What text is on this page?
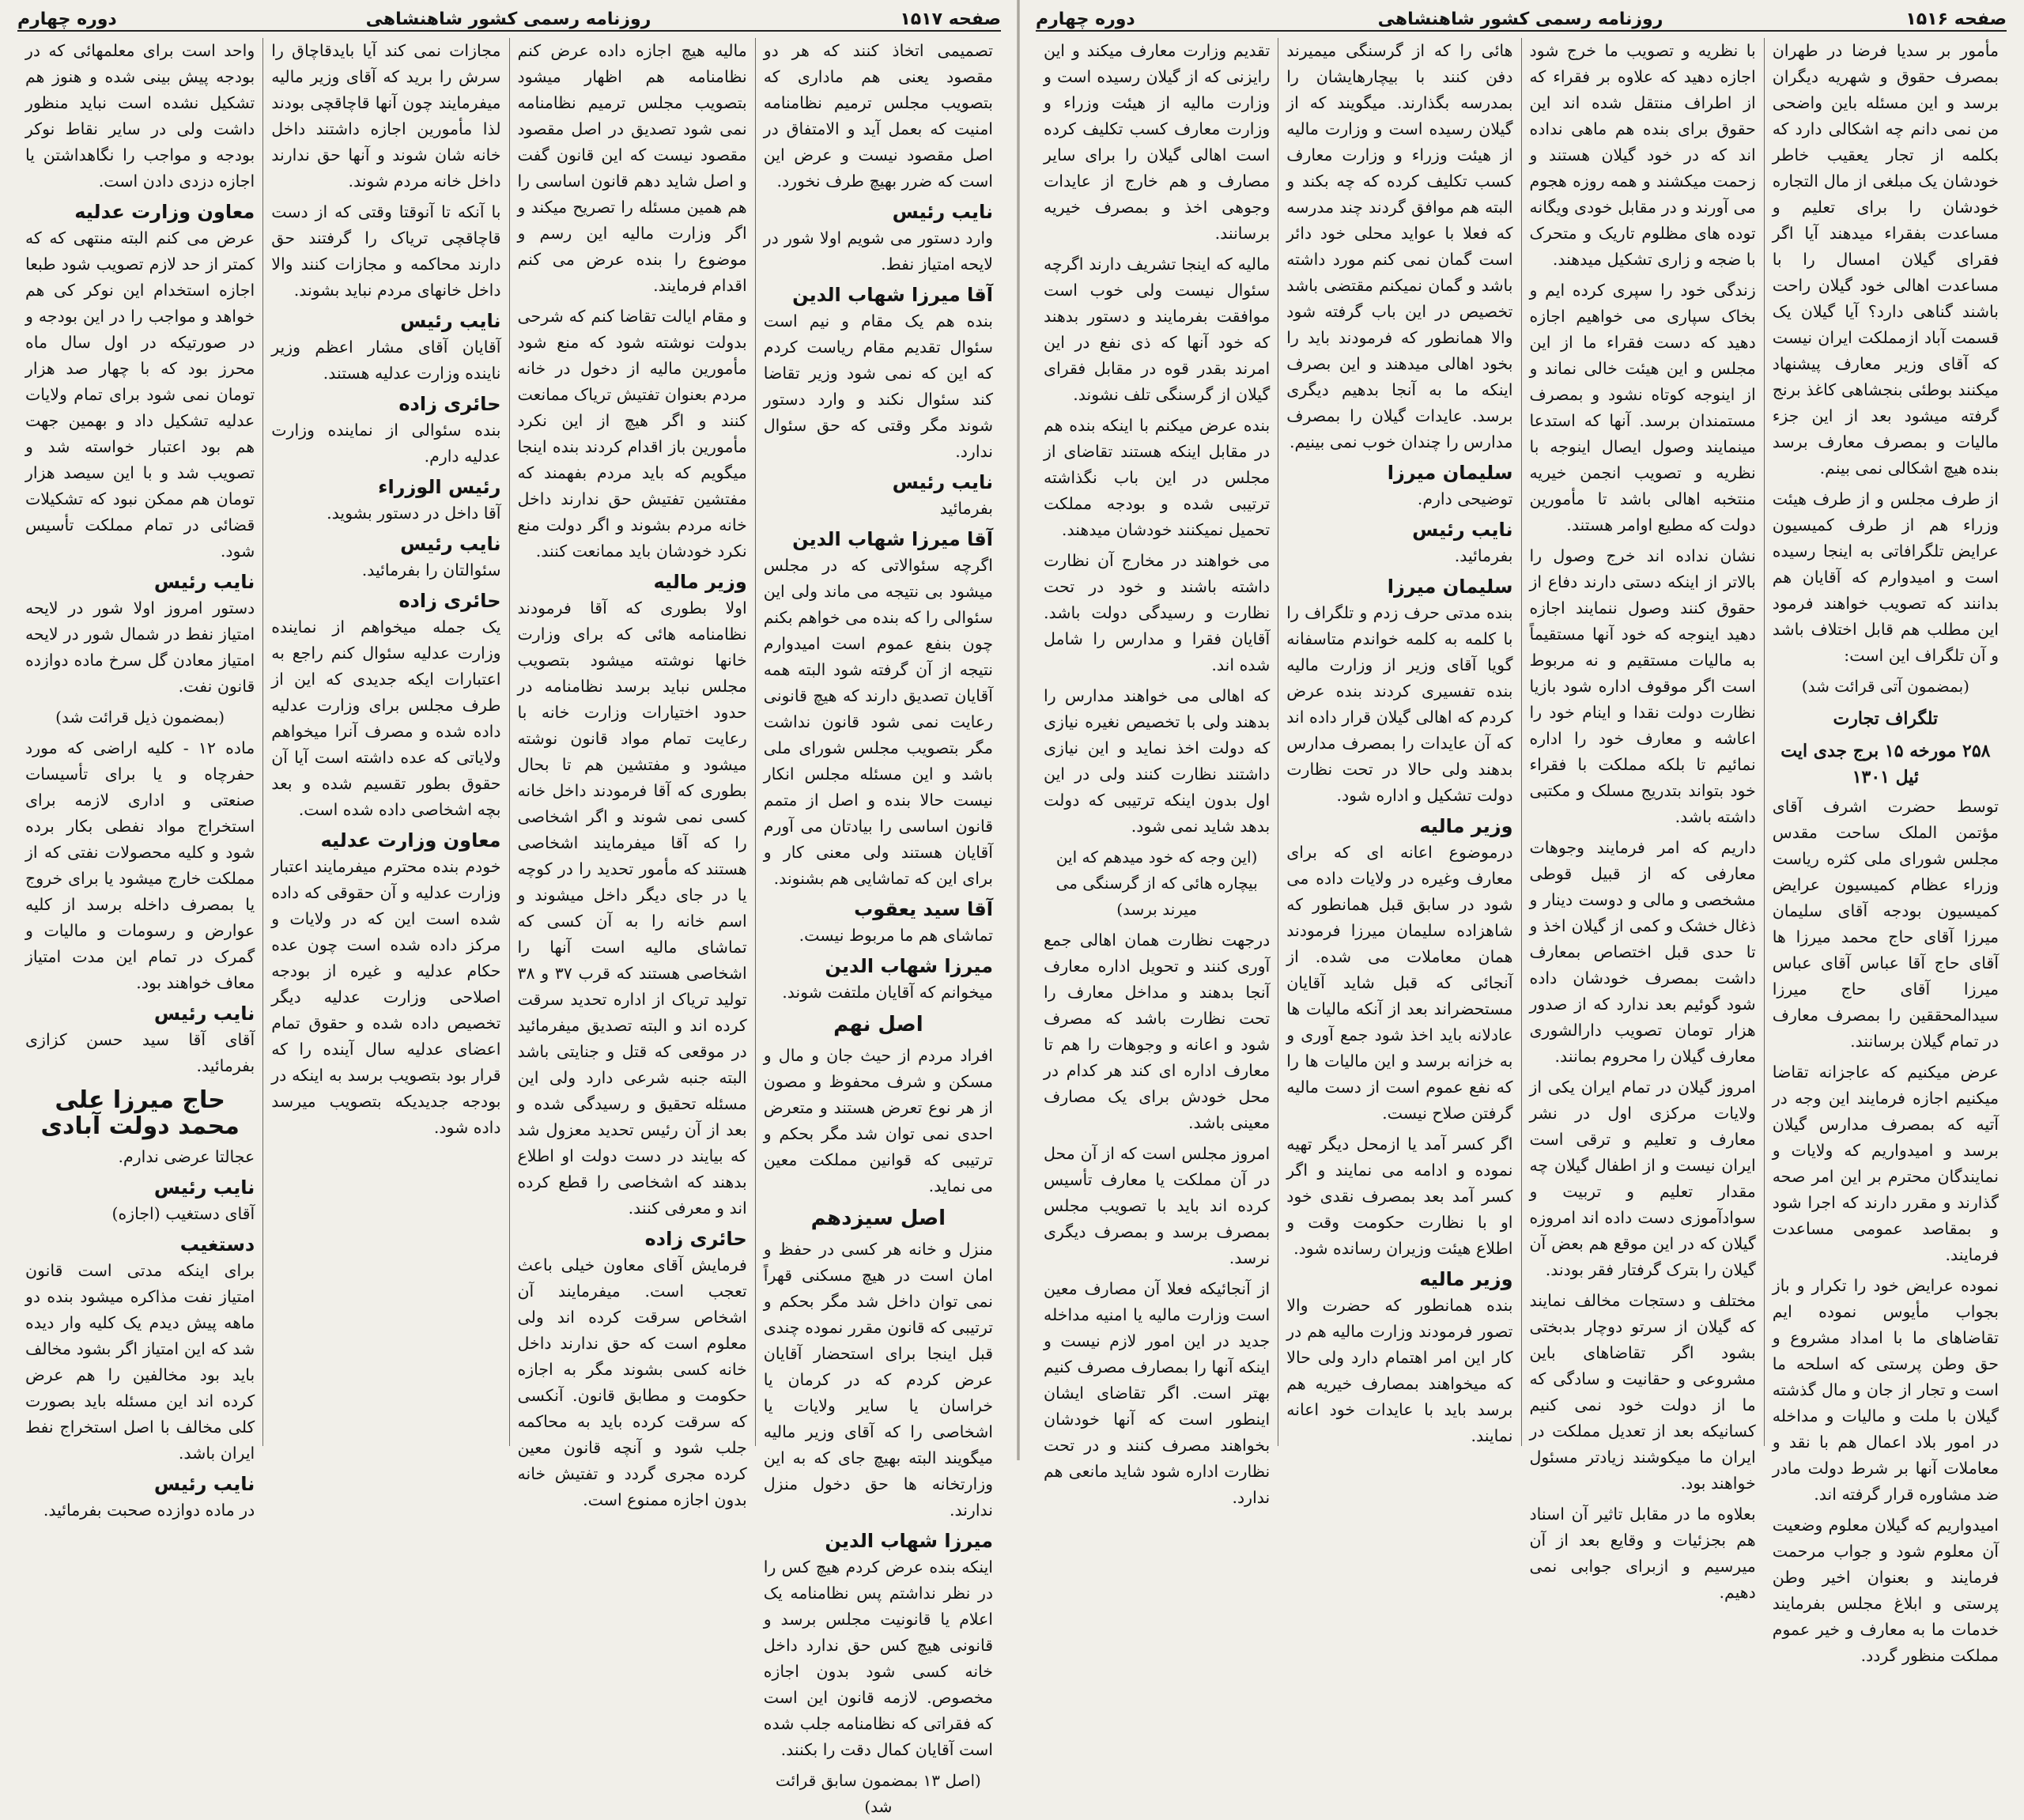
صفحه ۱۵۱۷
روزنامه رسمی کشور شاهنشاهی
دوره چهارم

تصمیمی اتخاذ کنند که هر دو مقصود یعنی هم ماداری که بتصویب مجلس ترمیم نظامنامه امنیت که بعمل آید و الامتفاق در اصل مقصود نیست و عرض این است که ضرر بهیچ طرف نخورد.

نایب رئیس

وارد دستور می شویم اولا شور در لایحه امتیاز نفط.

آقا میرزا شهاب الدین

بنده هم یک مقام و نیم است سئوال تقدیم مقام ریاست کردم که این که نمی شود وزیر تقاضا کند سئوال نکند و وارد دستور شوند مگر وقتی که حق سئوال ندارد.

نایب رئیس

بفرمائید

آقا میرزا شهاب الدین

اگرچه سئوالاتی که در مجلس میشود بی نتیجه می ماند ولی این سئوالی را که بنده می خواهم بکنم چون بنفع عموم است امیدوارم نتیجه از آن گرفته شود البته همه آقایان تصدیق دارند که هیچ قانونی رعایت نمی شود قانون نداشت مگر بتصویب مجلس شورای ملی باشد و این مسئله مجلس انکار نیست حالا بنده و اصل از متمم قانون اساسی را بیادتان می آورم آقایان هستند ولی معنی کار و برای این که تماشایی هم بشنوند.

آقا سید یعقوب

تماشای هم ما مربوط نیست.

میرزا شهاب الدین

میخوانم که آقایان ملتفت شوند.

اصل نهم

افراد مردم از حیث جان و مال و مسکن و شرف محفوظ و مصون از هر نوع تعرض هستند و متعرض احدی نمی توان شد مگر بحکم و ترتیبی که قوانین مملکت معین می نماید.

اصل سیزدهم

منزل و خانه هر کسی در حفظ و امان است در هیچ مسکنی قهراً نمی توان داخل شد مگر بحکم و ترتیبی که قانون مقرر نموده چندی قبل اینجا برای استحضار آقایان عرض کردم که در کرمان یا خراسان یا سایر ولایات یا اشخاصی را که آقای وزیر مالیه میگویند البته بهیچ جای که به این وزارتخانه ها حق دخول منزل ندارند.

میرزا شهاب الدین

اینکه بنده عرض کردم هیچ کس را در نظر نداشتم پس نظامنامه یک اعلام یا قانونیت مجلس برسد و قانونی هیچ کس حق ندارد داخل خانه کسی شود بدون اجازه مخصوص. لازمه قانون این است که فقراتی که نظامنامه جلب شده است آقایان کمال دقت را بکنند.

(اصل ۱۳ بمضمون سابق قرائت شد)

مالیه هیچ اجازه داده عرض کنم نظامنامه هم اظهار میشود بتصویب مجلس ترمیم نظامنامه نمی شود تصدیق در اصل مقصود مقصود نیست که این قانون گفت و اصل شاید دهم قانون اساسی را هم همین مسئله را تصریح میکند و اگر وزارت مالیه این رسم و موضوع را بنده عرض می کنم اقدام فرمایند.

و مقام ایالت تقاضا کنم که شرحی بدولت نوشته شود که منع شود مأمورین مالیه از دخول در خانه مردم بعنوان تفتیش تریاک ممانعت کنند و اگر هیچ از این نکرد مأمورین باز اقدام کردند بنده اینجا میگویم که باید مردم بفهمند که مفتشین تفتیش حق ندارند داخل خانه مردم بشوند و اگر دولت منع نکرد خودشان باید ممانعت کنند.

وزیر مالیه

اولا بطوری که آقا فرمودند نظامنامه هائی که برای وزارت خانها نوشته میشود بتصویب مجلس نباید برسد نظامنامه در حدود اختیارات وزارت خانه با رعایت تمام مواد قانون نوشته میشود و مفتشین هم تا بحال بطوری که آقا فرمودند داخل خانه کسی نمی شوند و اگر اشخاصی را که آقا میفرمایند اشخاصی هستند که مأمور تحدید را در کوچه یا در جای دیگر داخل میشوند و اسم خانه را به آن کسی که تماشای مالیه است آنها را اشخاصی هستند که قرب ۳۷ و ۳۸ تولید تریاک از اداره تحدید سرقت کرده اند و البته تصدیق میفرمائید در موقعی که قتل و جنایتی باشد البته جنبه شرعی دارد ولی این مسئله تحقیق و رسیدگی شده و بعد از آن رئیس تحدید معزول شد که بیایند در دست دولت او اطلاع بدهند که اشخاصی را قطع کرده اند و معرفی کنند.

حائری زاده

فرمایش آقای معاون خیلی باعث تعجب است. میفرمایند آن اشخاص سرقت کرده اند ولی معلوم است که حق ندارند داخل خانه کسی بشوند مگر به اجازه حکومت و مطابق قانون. آنکسی که سرقت کرده باید به محاکمه جلب شود و آنچه قانون معین کرده مجری گردد و تفتیش خانه بدون اجازه ممنوع است.

مجازات نمی کند آیا بایدقاچاق را سرش را برید که آقای وزیر مالیه میفرمایند چون آنها قاچاقچی بودند لذا مأمورین اجازه داشتند داخل خانه شان شوند و آنها حق ندارند داخل خانه مردم شوند.

با آنکه تا آنوقتا وقتی که از دست قاچاقچی تریاک را گرفتند حق دارند محاکمه و مجازات کنند والا داخل خانهای مردم نباید بشوند.

نایب رئیس

آقایان آقای مشار اعظم وزیر ناینده وزارت عدلیه هستند.

حائری زاده

بنده سئوالی از نماینده وزارت عدلیه دارم.

رئیس الوزراء

آقا داخل در دستور بشوید.

نایب رئیس

سئوالتان را بفرمائید.

حائری زاده

یک جمله میخواهم از نماینده وزارت عدلیه سئوال کنم راجع به اعتبارات ایکه جدیدی که این از طرف مجلس برای وزارت عدلیه داده شده و مصرف آنرا میخواهم ولایاتی که عده داشته است آیا آن حقوق بطور تقسیم شده و بعد بچه اشخاصی داده شده است.

معاون وزارت عدلیه

خودم بنده محترم میفرمایند اعتبار وزارت عدلیه و آن حقوقی که داده شده است این که در ولایات و مرکز داده شده است چون عده حکام عدلیه و غیره از بودجه اصلاحی وزارت عدلیه دیگر تخصیص داده شده و حقوق تمام اعضای عدلیه سال آینده را که قرار بود بتصویب برسد به اینکه در بودجه جدیدیکه بتصویب میرسد داده شود.

واحد است برای معلمهائی که در بودجه پیش بینی شده و هنوز هم تشکیل نشده است نباید منظور داشت ولی در سایر نقاط نوکر بودجه و مواجب را نگاهداشتن یا اجازه دزدی دادن است.

معاون وزارت عدلیه

عرض می کنم البته منتهی که که کمتر از حد لازم تصویب شود طبعا اجازه استخدام این نوکر کی هم خواهد و مواجب را در این بودجه و در صورتیکه در اول سال ماه محرز بود که با چهار صد هزار تومان نمی شود برای تمام ولایات عدلیه تشکیل داد و بهمین جهت هم بود اعتبار خواسته شد و تصویب شد و با این سیصد هزار تومان هم ممکن نبود که تشکیلات قضائی در تمام مملکت تأسیس شود.

نایب رئیس

دستور امروز اولا شور در لایحه امتیاز نفط در شمال شور در لایحه امتیاز معادن گل سرخ ماده دوازده قانون نفت.

(بمضمون ذیل قرائت شد)

ماده ۱۲ - کلیه اراضی که مورد حفرچاه و یا برای تأسیسات صنعتی و اداری لازمه برای استخراج مواد نفطی بکار برده شود و کلیه محصولات نفتی که از مملکت خارج میشود یا برای خروج یا بمصرف داخله برسد از کلیه عوارض و رسومات و مالیات و گمرک در تمام این مدت امتیاز معاف خواهند بود.

نایب رئیس

آقای آقا سید حسن کزازی بفرمائید.

حاج میرزا علی محمد دولت آبادی

عجالتا عرضی ندارم.

نایب رئیس

آقای دستغیب (اجازه)

دستغیب

برای اینکه مدتی است قانون امتیاز نفت مذاکره میشود بنده دو ماهه پیش دیدم یک کلیه وار دیده شد که این امتیاز اگر بشود مخالف باید بود مخالفین را هم عرض کرده اند این مسئله باید بصورت کلی مخالف با اصل استخراج نفط ایران باشد.

نایب رئیس

در ماده دوازده صحبت بفرمائید.

صفحه ۱۵۱۶
روزنامه رسمی کشور شاهنشاهی
دوره چهارم

مأمور بر سدیا فرضا در طهران بمصرف حقوق و شهریه دیگران برسد و این مسئله باین واضحی من نمی دانم چه اشکالی دارد که بکلمه از تجار یعقیب خاطر خودشان یک مبلغی از مال التجاره خودشان را برای تعلیم و مساعدت بفقراء میدهند آیا اگر فقرای گیلان امسال را با مساعدت اهالی خود گیلان راحت باشند گناهی دارد؟ آیا گیلان یک قسمت آباد ازمملکت ایران نیست که آقای وزیر معارف پیشنهاد میکنند بوطئی بنجشاهی کاغذ برنج گرفته میشود بعد از این جزء مالیات و بمصرف معارف برسد بنده هیچ اشکالی نمی بینم.

از طرف مجلس و از طرف هیئت وزراء هم از طرف کمیسیون عرایض تلگرافاتی به اینجا رسیده است و امیدوارم که آقایان هم بدانند که تصویب خواهند فرمود این مطلب هم قابل اختلاف باشد و آن تلگراف این است:

(بمضمون آتی قرائت شد)
تلگراف تجارت
۲۵۸ مورخه ۱۵ برج جدی ایت ئیل ۱۳۰۱

توسط حضرت اشرف آقای مؤتمن الملک ساحت مقدس مجلس شورای ملی کثره ریاست وزراء عظام کمیسیون عرایض کمیسیون بودجه آقای سلیمان میرزا آقای حاج محمد میرزا ها آقای حاج آقا عباس آقای عباس میرزا آقای حاج میرزا سیدالمحققین را بمصرف معارف در تمام گیلان برسانند.

عرض میکنیم که عاجزانه تقاضا میکنیم اجازه فرمایند این وجه در آتیه که بمصرف مدارس گیلان برسد و امیدواریم که ولایات و نمایندگان محترم بر این امر صحه گذارند و مقرر دارند که اجرا شود و بمقاصد عمومی مساعدت فرمایند.

نموده عرایض خود را تکرار و باز بجواب مأیوس نموده ایم تقاضاهای ما با امداد مشروع و حق وطن پرستی که اسلحه ما است و تجار از جان و مال گذشته گیلان با ملت و مالیات و مداخله در امور بلاد اعمال هم با نقد و معاملات آنها بر شرط دولت مادر ضد مشاوره قرار گرفته اند.

امیدواریم که گیلان معلوم وضعیت آن معلوم شود و جواب مرحمت فرمایند و بعنوان اخیر وطن پرستی و ابلاغ مجلس بفرمایند خدمات ما به معارف و خیر عموم مملکت منظور گردد.

با نظریه و تصویب ما خرج شود اجازه دهید که علاوه بر فقراء که از اطراف منتقل شده اند این حقوق برای بنده هم ماهی نداده اند که در خود گیلان هستند و زحمت میکشند و همه روزه هجوم می آورند و در مقابل خودی ویگانه توده های مظلوم تاریک و متحرک با ضجه و زاری تشکیل میدهند.

زندگی خود را سپری کرده ایم و بخاک سپاری می خواهیم اجازه دهید که دست فقراء ما از این مجلس و این هیئت خالی نماند و از اینوجه کوتاه نشود و بمصرف مستمندان برسد. آنها که استدعا مینمایند وصول ایصال اینوجه با نظریه و تصویب انجمن خیریه منتخبه اهالی باشد تا مأمورین دولت که مطیع اوامر هستند.

نشان نداده اند خرج وصول را بالاتر از اینکه دستی دارند دفاع از حقوق کنند وصول ننمایند اجازه دهید اینوجه که خود آنها مستقیماً به مالیات مستقیم و نه مربوط است اگر موقوف اداره شود بازیا نظارت دولت نقدا و اینام خود را اعاشه و معارف خود را اداره نمائیم تا بلکه مملکت با فقراء خود بتواند بتدریج مسلک و مکتبی داشته باشد.

داریم که امر فرمایند وجوهات معارفی که از قبیل قوطی مشخصی و مالی و دوست دینار و ذغال خشک و کمی از گیلان اخذ و تا حدی قبل اختصاص بمعارف داشت بمصرف خودشان داده شود گوئیم بعد ندارد که از صدور هزار تومان تصویب دارالشوری معارف گیلان را محروم بمانند.

امروز گیلان در تمام ایران یکی از ولایات مرکزی اول در نشر معارف و تعلیم و ترقی است ایران نیست و از اطفال گیلان چه مقدار تعلیم و تربیت و سوادآموزی دست داده اند امروزه گیلان که در این موقع هم بعض آن گیلان را بترک گرفتار فقر بودند.

مختلف و دستجات مخالف نمایند که گیلان از سرتو دوچار بدبختی بشود اگر تقاضاهای باین مشروعی و حقانیت و سادگی که ما از دولت خود نمی کنیم کسانیکه بعد از تعدیل مملکت در ایران ما میکوشند زیادتر مسئول خواهند بود.

بعلاوه ما در مقابل تاثیر آن اسناد هم بجزئیات و وقایع بعد از آن میرسیم و ازبرای جوابی نمی دهیم.

هائی را که از گرسنگی میمیرند دفن کنند با بیچارهایشان را بمدرسه بگذارند. میگویند که از گیلان رسیده است و وزارت مالیه از هیئت وزراء و وزارت معارف کسب تکلیف کرده که چه بکند و البته هم موافق گردند چند مدرسه که فعلا با عواید محلی خود دائر است گمان نمی کنم مورد داشته باشد و گمان نمیکنم مقتضی باشد تخصیص در این باب گرفته شود والا همانطور که فرمودند باید را بخود اهالی میدهند و این بصرف اینکه ما به آنجا بدهیم دیگری برسد. عایدات گیلان را بمصرف مدارس را چندان خوب نمی بینیم.

سلیمان میرزا

توضیحی دارم.

نایب رئیس

بفرمائید.

سلیمان میرزا

بنده مدتی حرف زدم و تلگراف را با کلمه به کلمه خواندم متاسفانه گویا آقای وزیر از وزارت مالیه بنده تفسیری کردند بنده عرض کردم که اهالی گیلان قرار داده اند که آن عایدات را بمصرف مدارس بدهند ولی حالا در تحت نظارت دولت تشکیل و اداره شود.

وزیر مالیه

درموضوع اعانه ای که برای معارف وغیره در ولایات داده می شود در سابق قبل همانطور که شاهزاده سلیمان میرزا فرمودند همان معاملات می شده. از آنجائی که قبل شاید آقایان مستحضراند بعد از آنکه مالیات ها عادلانه باید اخذ شود جمع آوری و به خزانه برسد و این مالیات ها را که نفع عموم است از دست مالیه گرفتن صلاح نیست.

اگر کسر آمد یا ازمحل دیگر تهیه نموده و ادامه می نمایند و اگر کسر آمد بعد بمصرف نقدی خود او با نظارت حکومت وقت و اطلاع هیئت وزیران رسانده شود.

وزیر مالیه

بنده همانطور که حضرت والا تصور فرمودند وزارت مالیه هم در کار این امر اهتمام دارد ولی حالا که میخواهند بمصارف خیریه هم برسد باید با عایدات خود اعانه نمایند.

تقدیم وزارت معارف میکند و این رایزنی که از گیلان رسیده است و وزارت مالیه از هیئت وزراء و وزارت معارف کسب تکلیف کرده است اهالی گیلان را برای سایر مصارف و هم خارج از عایدات وجوهی اخذ و بمصرف خیریه برسانند.

مالیه که اینجا تشریف دارند اگرچه سئوال نیست ولی خوب است موافقت بفرمایند و دستور بدهند که خود آنها که ذی نفع در این امرند بقدر قوه در مقابل فقرای گیلان از گرسنگی تلف نشوند.

بنده عرض میکنم با اینکه بنده هم در مقابل اینکه هستند تقاضای از مجلس در این باب نگذاشته ترتیبی شده و بودجه مملکت تحمیل نمیکنند خودشان میدهند.

می خواهند در مخارج آن نظارت داشته باشند و خود در تحت نظارت و رسیدگی دولت باشد. آقایان فقرا و مدارس را شامل شده اند.

که اهالی می خواهند مدارس را بدهند ولی با تخصیص نغیره نیازی که دولت اخذ نماید و این نیازی داشتند نظارت کنند ولی در این اول بدون اینکه ترتیبی که دولت بدهد شاید نمی شود.

(این وجه که خود میدهم که این بیچاره هائی که از گرسنگی می میرند برسد)

درجهت نظارت همان اهالی جمع آوری کنند و تحویل اداره معارف آنجا بدهند و مداخل معارف را تحت نظارت باشد که مصرف شود و اعانه و وجوهات را هم تا معارف اداره ای کند هر کدام در محل خودش برای یک مصارف معینی باشد.

امروز مجلس است که از آن محل در آن مملکت یا معارف تأسیس کرده اند باید با تصویب مجلس بمصرف برسد و بمصرف دیگری نرسد.

از آنجائیکه فعلا آن مصارف معین است وزارت مالیه یا امنیه مداخله جدید در این امور لازم نیست و اینکه آنها را بمصارف مصرف کنیم بهتر است. اگر تقاضای ایشان اینطور است که آنها خودشان بخواهند مصرف کنند و در تحت نظارت اداره شود شاید مانعی هم ندارد.
